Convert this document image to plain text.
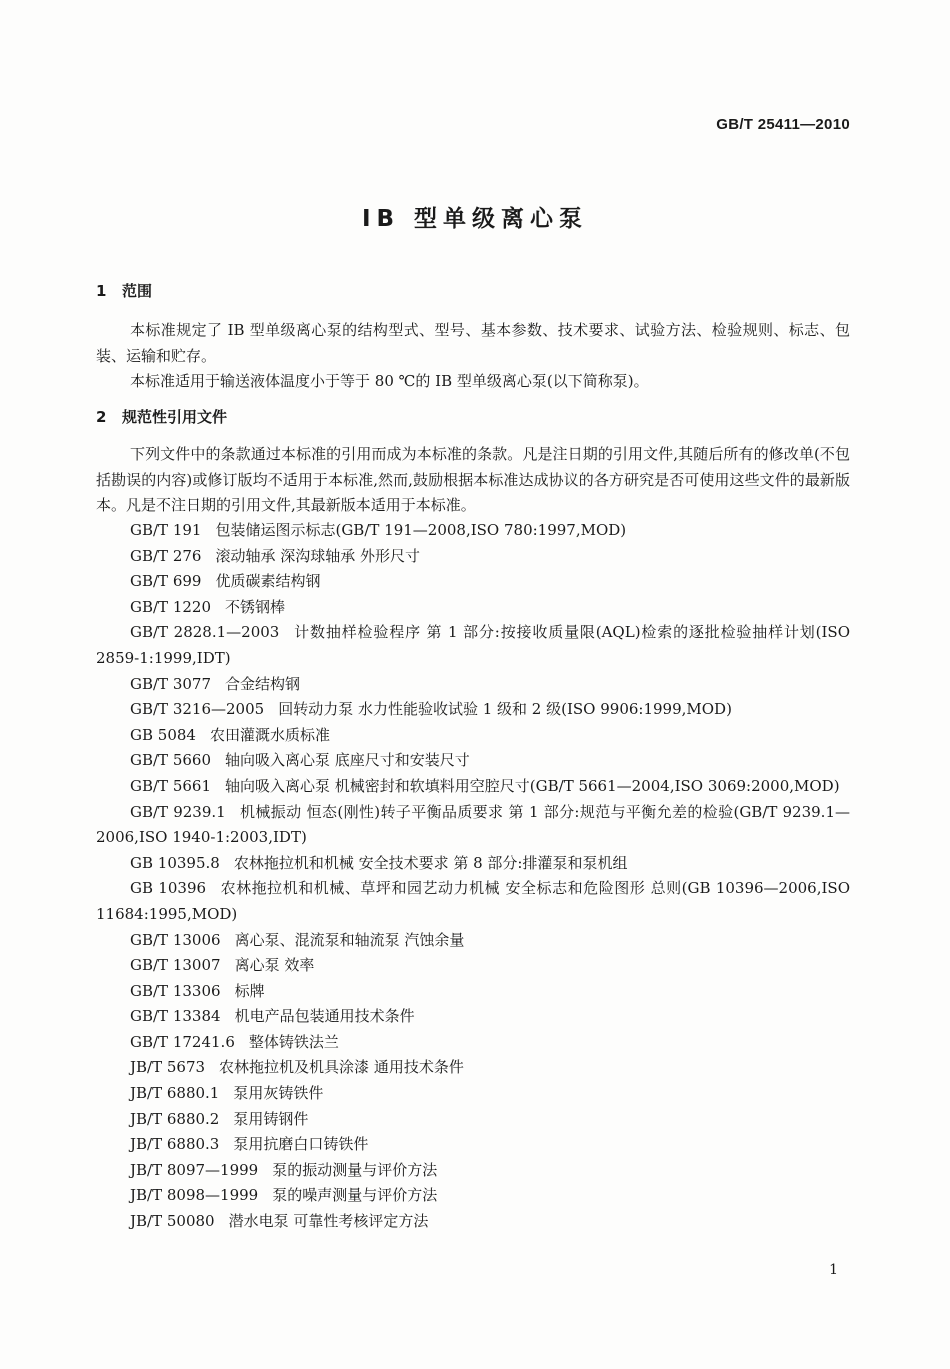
GB/T 25411—2010
IB 型单级离心泵
1 范围
本标准规定了 IB 型单级离心泵的结构型式、型号、基本参数、技术要求、试验方法、检验规则、标志、包装、运输和贮存。
本标准适用于输送液体温度小于等于 80 ℃的 IB 型单级离心泵(以下简称泵)。
2 规范性引用文件
下列文件中的条款通过本标准的引用而成为本标准的条款。凡是注日期的引用文件,其随后所有的修改单(不包括勘误的内容)或修订版均不适用于本标准,然而,鼓励根据本标准达成协议的各方研究是否可使用这些文件的最新版本。凡是不注日期的引用文件,其最新版本适用于本标准。
GB/T 191 包装储运图示标志(GB/T 191—2008,ISO 780:1997,MOD)
GB/T 276 滚动轴承 深沟球轴承 外形尺寸
GB/T 699 优质碳素结构钢
GB/T 1220 不锈钢棒
GB/T 2828.1—2003 计数抽样检验程序 第 1 部分:按接收质量限(AQL)检索的逐批检验抽样计划(ISO 2859-1:1999,IDT)
GB/T 3077 合金结构钢
GB/T 3216—2005 回转动力泵 水力性能验收试验 1 级和 2 级(ISO 9906:1999,MOD)
GB 5084 农田灌溉水质标准
GB/T 5660 轴向吸入离心泵 底座尺寸和安装尺寸
GB/T 5661 轴向吸入离心泵 机械密封和软填料用空腔尺寸(GB/T 5661—2004,ISO 3069:2000,MOD)
GB/T 9239.1 机械振动 恒态(刚性)转子平衡品质要求 第 1 部分:规范与平衡允差的检验(GB/T 9239.1—2006,ISO 1940-1:2003,IDT)
GB 10395.8 农林拖拉机和机械 安全技术要求 第 8 部分:排灌泵和泵机组
GB 10396 农林拖拉机和机械、草坪和园艺动力机械 安全标志和危险图形 总则(GB 10396—2006,ISO 11684:1995,MOD)
GB/T 13006 离心泵、混流泵和轴流泵 汽蚀余量
GB/T 13007 离心泵 效率
GB/T 13306 标牌
GB/T 13384 机电产品包装通用技术条件
GB/T 17241.6 整体铸铁法兰
JB/T 5673 农林拖拉机及机具涂漆 通用技术条件
JB/T 6880.1 泵用灰铸铁件
JB/T 6880.2 泵用铸钢件
JB/T 6880.3 泵用抗磨白口铸铁件
JB/T 8097—1999 泵的振动测量与评价方法
JB/T 8098—1999 泵的噪声测量与评价方法
JB/T 50080 潜水电泵 可靠性考核评定方法
1
